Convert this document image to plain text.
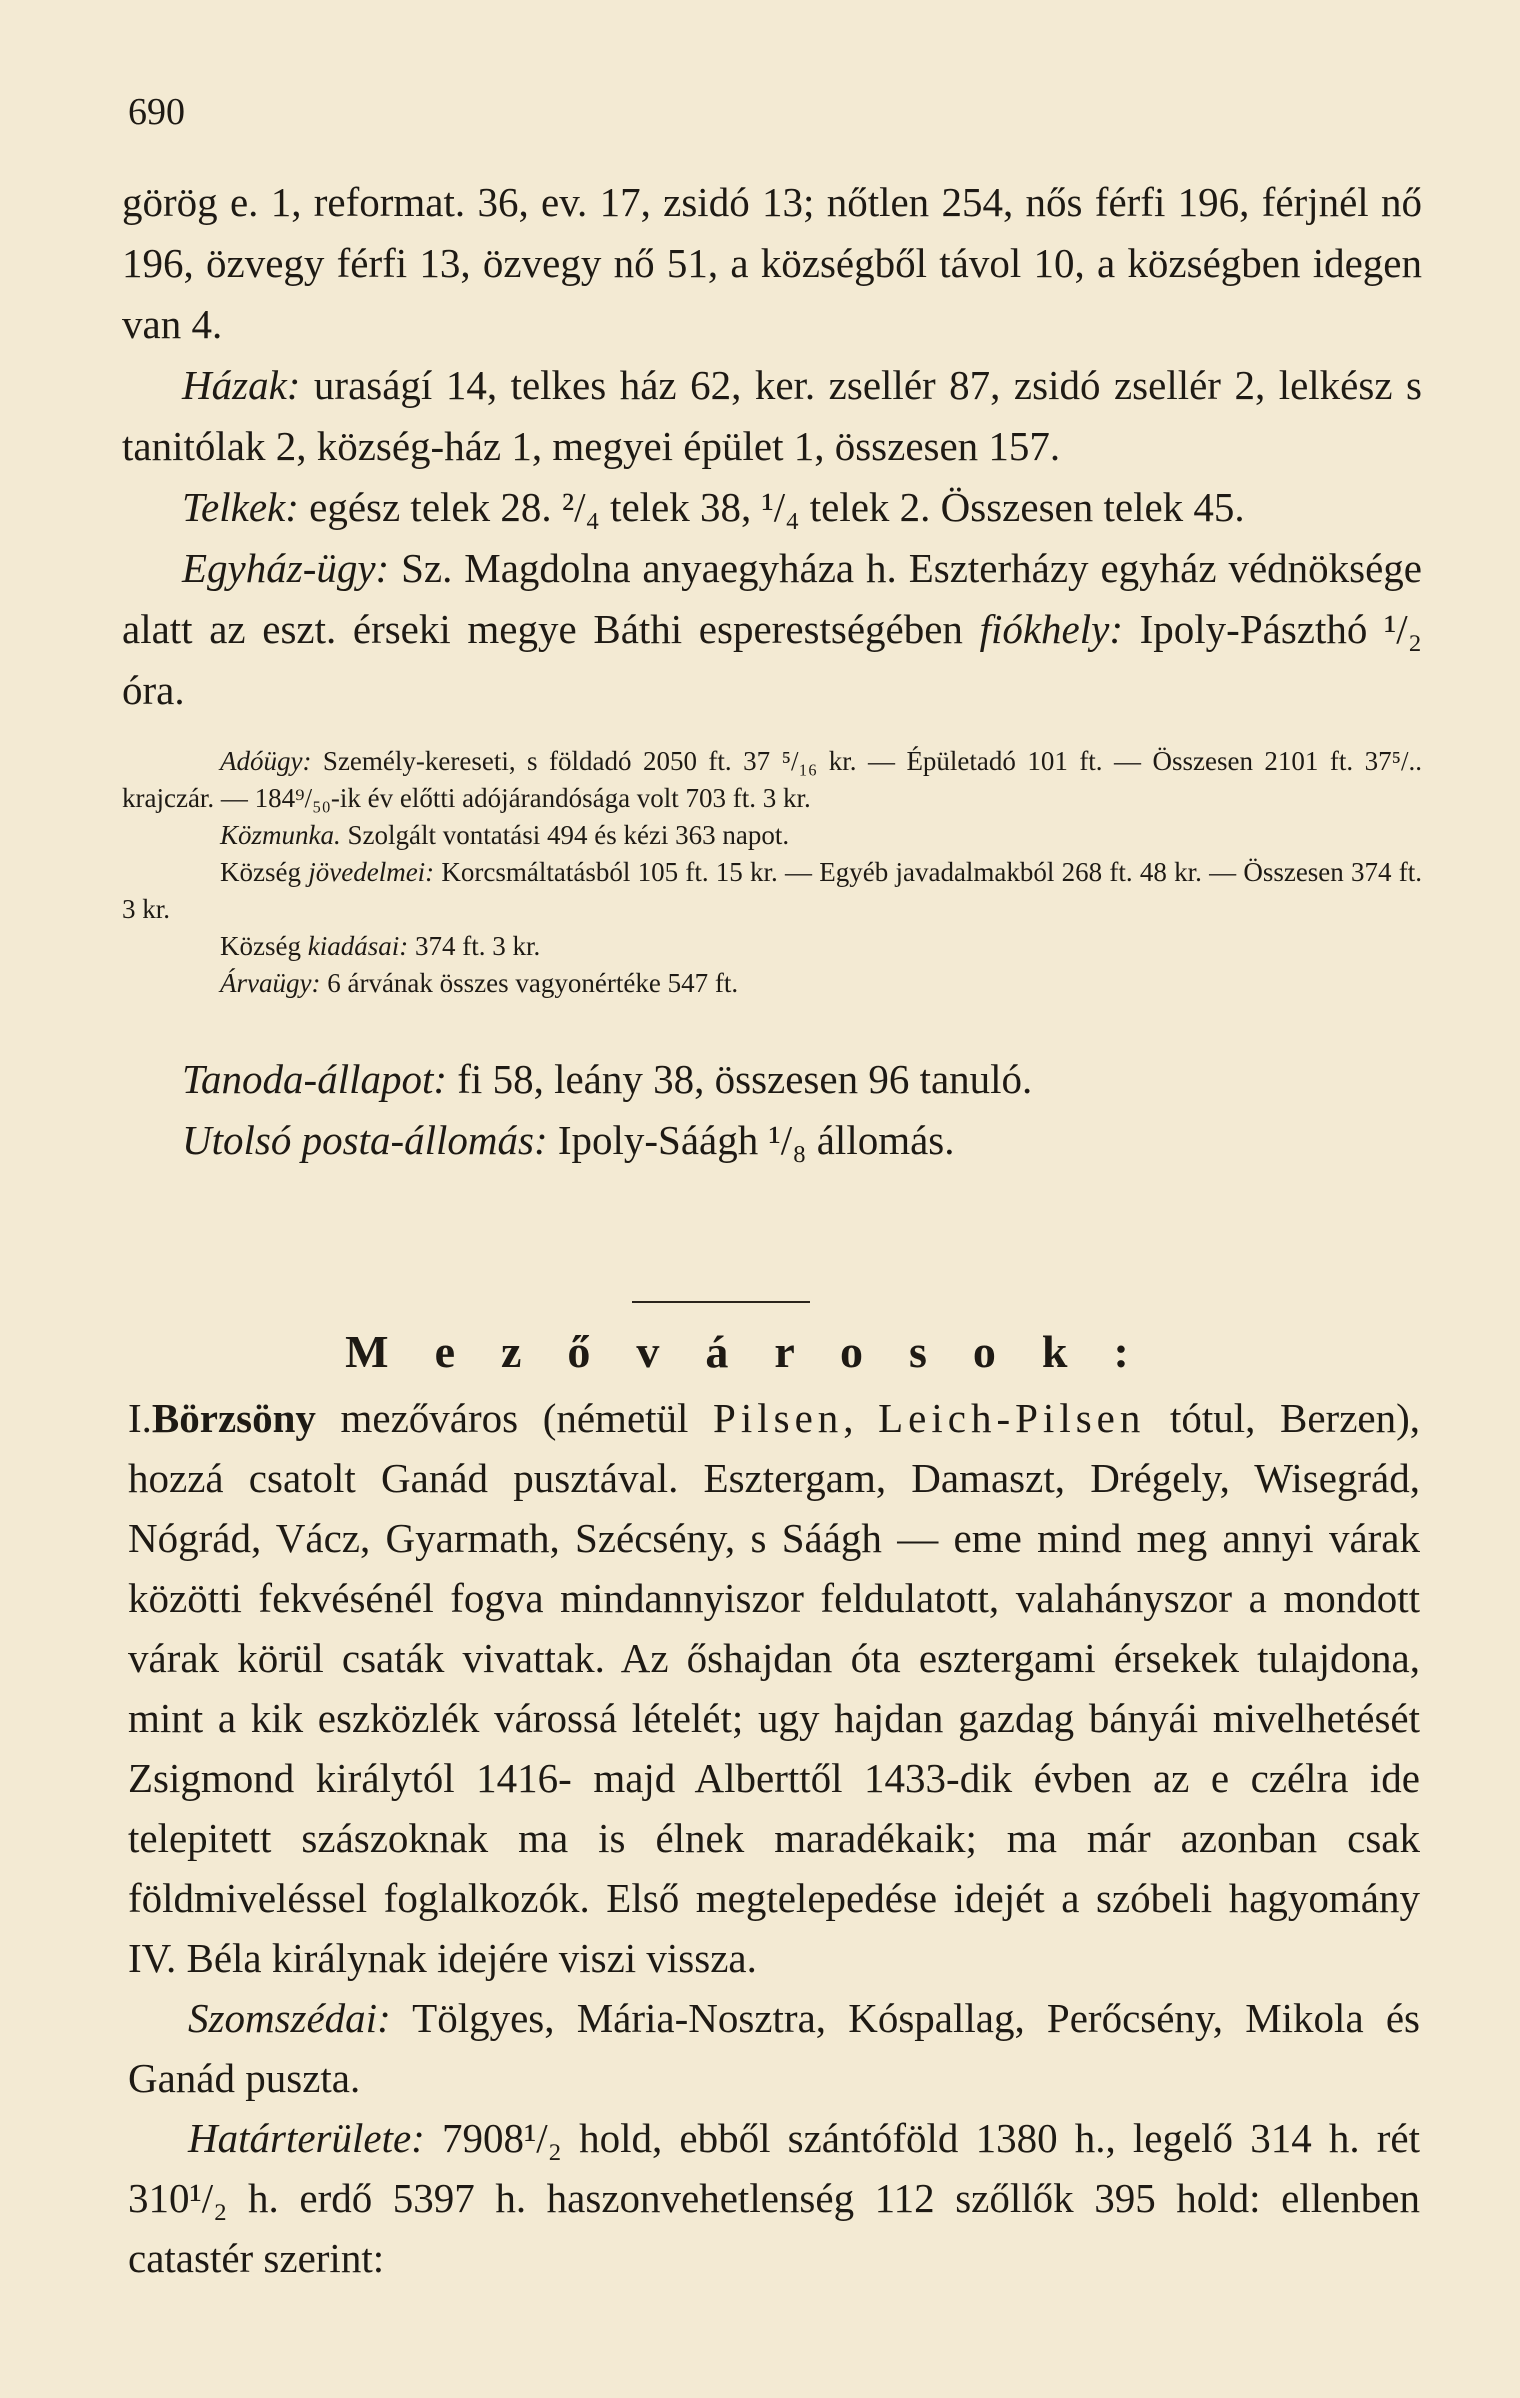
690

görög e. 1, reformat. 36, ev. 17, zsidó 13; nőtlen 254, nős férfi 196, férjnél nő 196, özvegy férfi 13, özvegy nő 51, a községből távol 10, a községben idegen van 4.

Házak: uraságí 14, telkes ház 62, ker. zsellér 87, zsidó zsellér 2, lelkész s tanitólak 2, község-ház 1, megyei épület 1, összesen 157.

Telkek: egész telek 28. ²/₄ telek 38, ¹/₄ telek 2. Összesen telek 45.

Egyház-ügy: Sz. Magdolna anyaegyháza h. Eszterházy egyház védnöksége alatt az eszt. érseki megye Báthi esperestségében fiókhely: Ipoly-Pászthó ¹/₂ óra.

Adóügy: Személy-kereseti, s földadó 2050 ft. 37 ⁵/₁₆ kr. — Épületadó 101 ft. — Összesen 2101 ft. 37⁵/.. krajczár. — 184⁹/₅₀-ik év előtti adójárandósága volt 703 ft. 3 kr.

Közmunka. Szolgált vontatási 494 és kézi 363 napot.

Község jövedelmei: Korcsmáltatásból 105 ft. 15 kr. — Egyéb javadalmakból 268 ft. 48 kr. — Összesen 374 ft. 3 kr.

Község kiadásai: 374 ft. 3 kr.

Árvaügy: 6 árvának összes vagyonértéke 547 ft.

Tanoda-állapot: fi 58, leány 38, összesen 96 tanuló.

Utolsó posta-állomás: Ipoly-Sáágh ¹/₈ állomás.

Mezővárosok:

I.Börzsöny mezőváros (németül Pilsen, Leich-Pilsen tótul, Berzen), hozzá csatolt Ganád pusztával. Esztergam, Damaszt, Drégely, Wisegrád, Nógrád, Vácz, Gyarmath, Szécsény, s Sáágh — eme mind meg annyi várak közötti fekvésénél fogva mindannyiszor feldulatott, valahányszor a mondott várak körül csaták vivattak. Az őshajdan óta esztergami érsekek tulajdona, mint a kik eszközlék várossá lételét; ugy hajdan gazdag bányái mivelhetését Zsigmond királytól 1416- majd Alberttől 1433-dik évben az e czélra ide telepitett szászoknak ma is élnek maradékaik; ma már azonban csak földmiveléssel foglalkozók. Első megtelepedése idejét a szóbeli hagyomány IV. Béla királynak idejére viszi vissza.

Szomszédai: Tölgyes, Mária-Nosztra, Kóspallag, Perőcsény, Mikola és Ganád puszta.

Határterülete: 7908¹/₂ hold, ebből szántóföld 1380 h., legelő 314 h. rét 310¹/₂ h. erdő 5397 h. haszonvehetlenség 112 szőllők 395 hold: ellenben catastér szerint:
